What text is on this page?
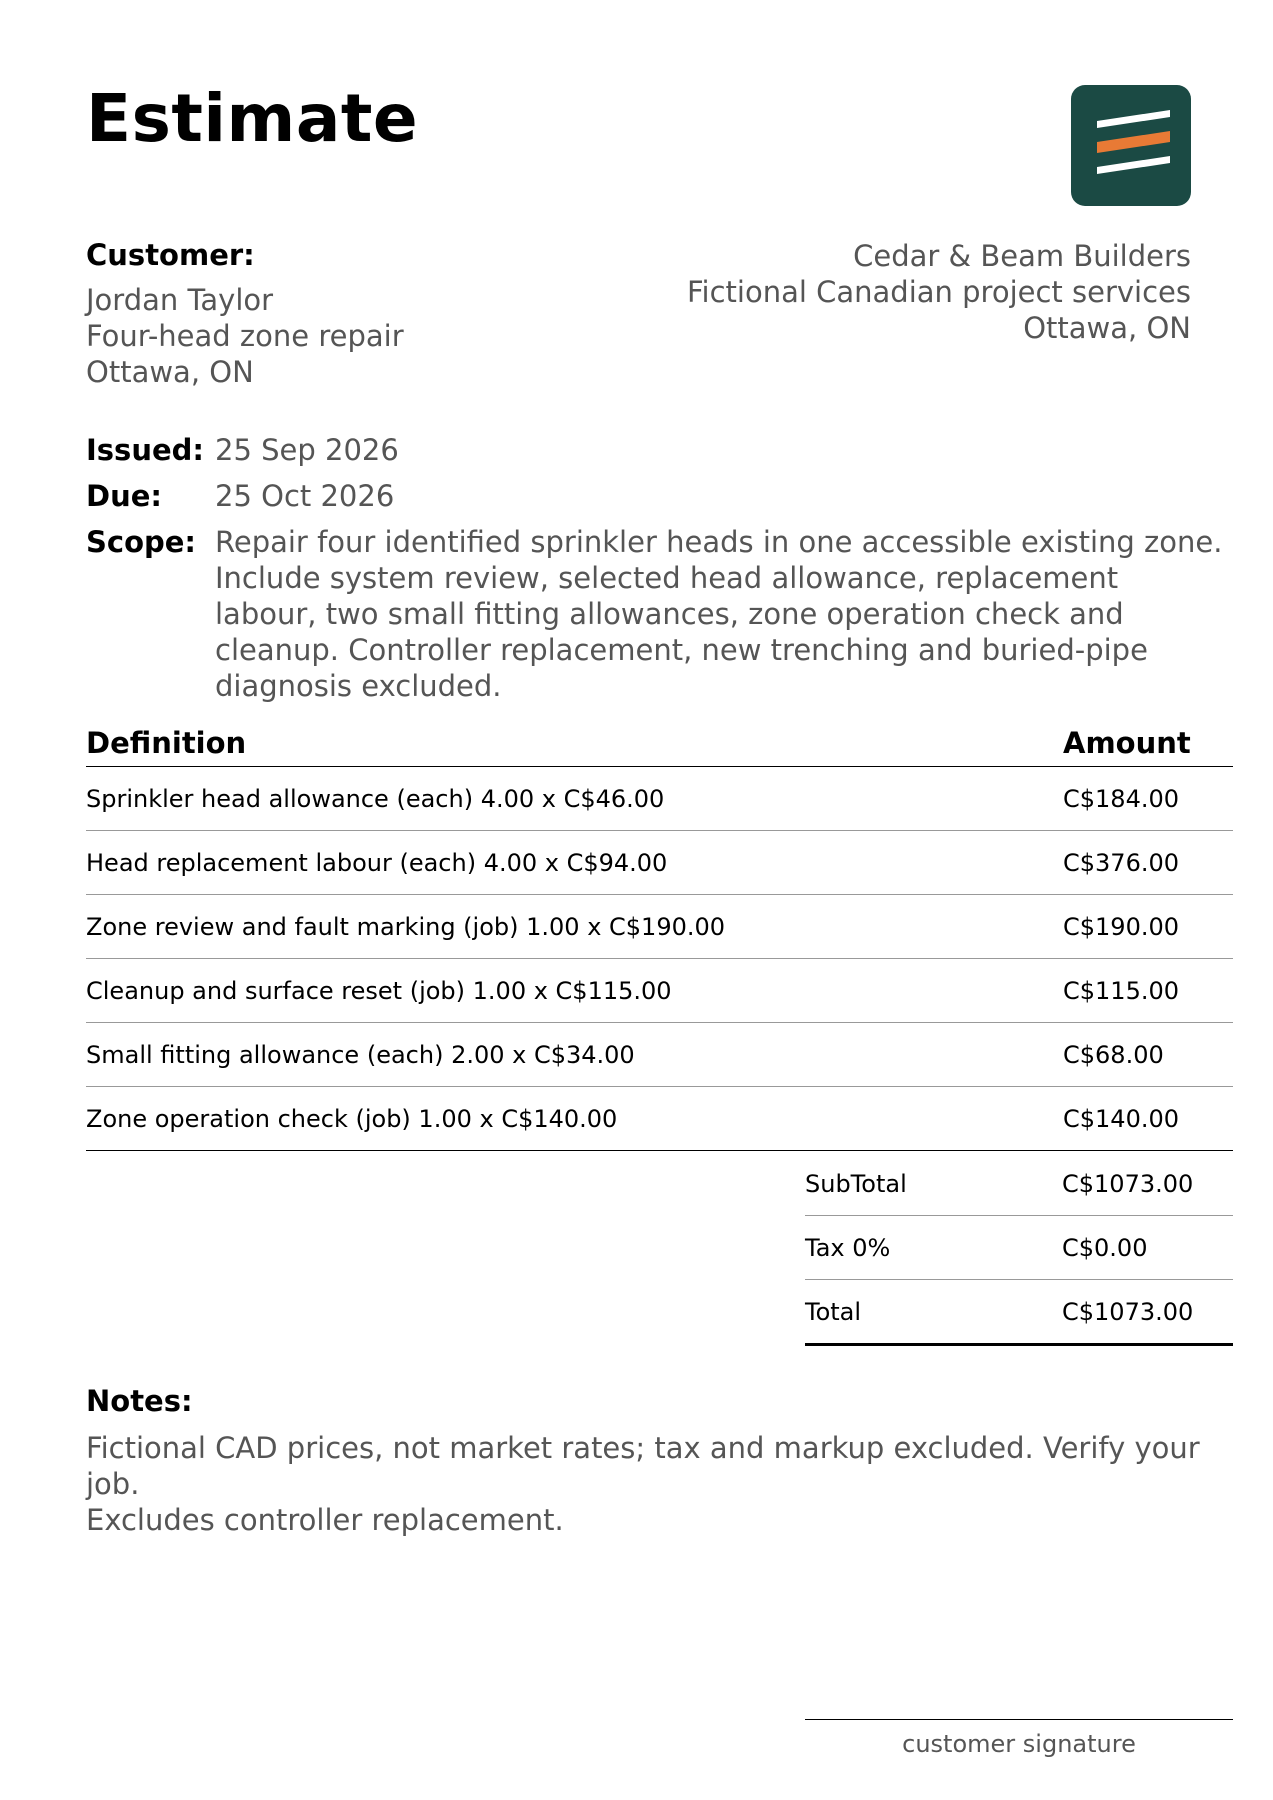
Estimate
Customer:
Jordan Taylor
Four-head zone repair
Ottawa, ON
Cedar & Beam Builders
Fictional Canadian project services
Ottawa, ON
Issued: 25 Sep 2026
Due:	25 Oct 2026
Scope: Repair four identified sprinkler heads in one accessible existing zone. Include system review, selected head allowance, replacement labour, two small fitting allowances, zone operation check and cleanup. Controller replacement, new trenching and buried-pipe diagnosis excluded.
Definition	Amount
Sprinkler head allowance (each) 4.00 x C$46.00	C$184.00
Head replacement labour (each) 4.00 x C$94.00	C$376.00
Zone review and fault marking (job) 1.00 x C$190.00	C$190.00
Cleanup and surface reset (job) 1.00 x C$115.00	C$115.00
Small fitting allowance (each) 2.00 x C$34.00	C$68.00
Zone operation check (job) 1.00 x C$140.00	C$140.00
SubTotal	C$1073.00
Tax 0%	C$0.00
Total	C$1073.00
Notes:
Fictional CAD prices, not market rates; tax and markup excluded. Verify your job.
Excludes controller replacement.
customer signature
